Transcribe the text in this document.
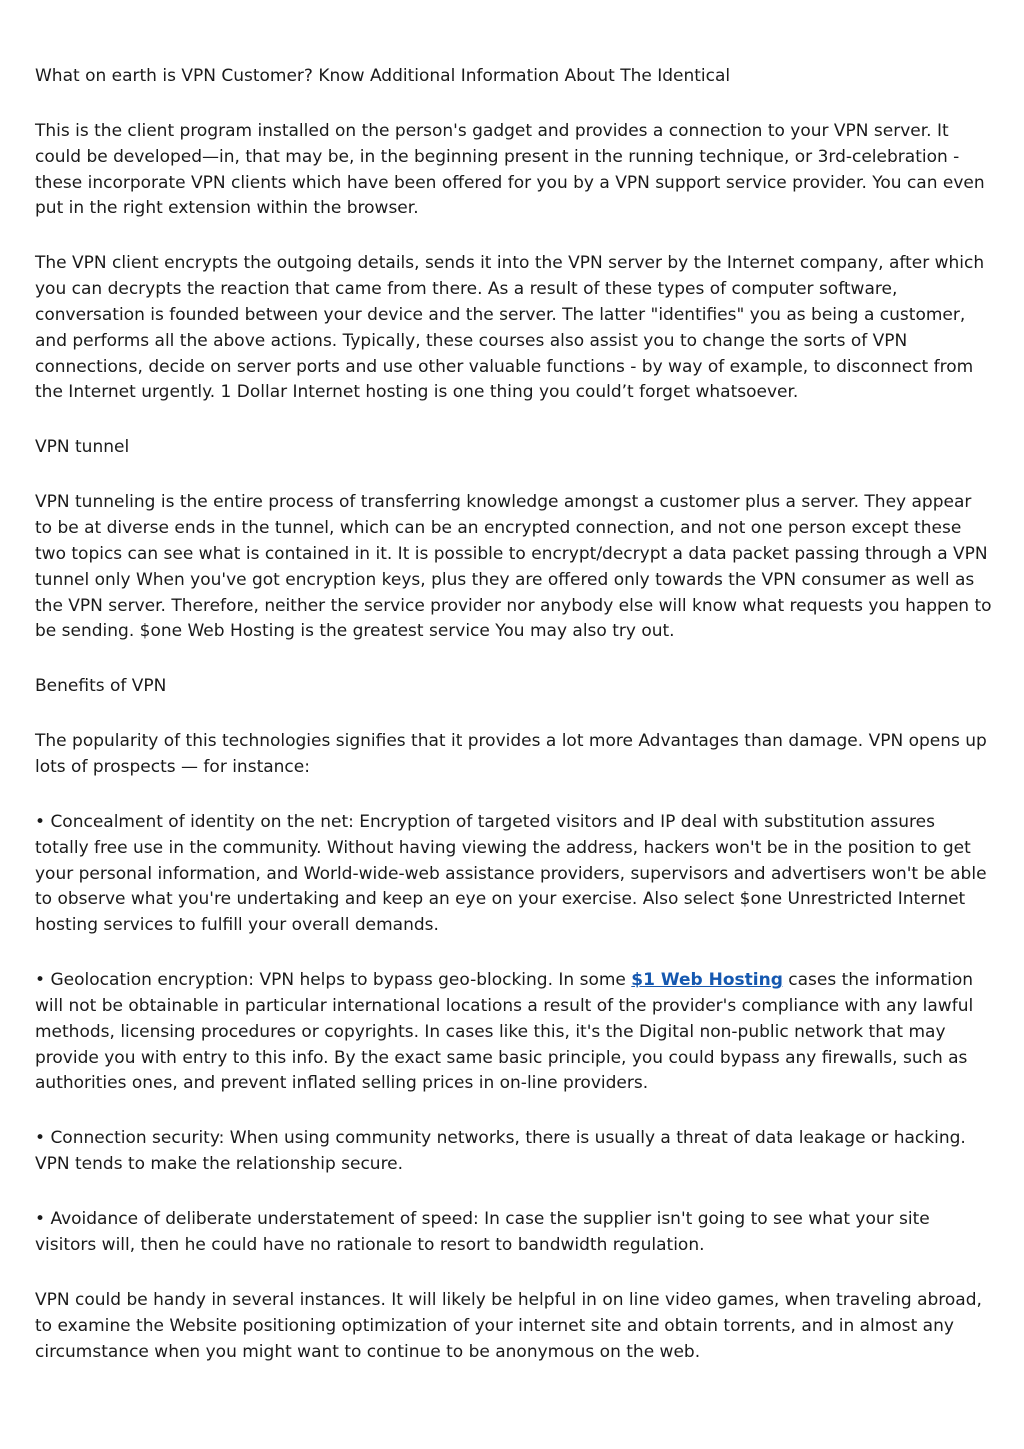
What on earth is VPN Customer? Know Additional Information About The Identical

This is the client program installed on the person's gadget and provides a connection to your VPN server. It could be developed—in, that may be, in the beginning present in the running technique, or 3rd-celebration - these incorporate VPN clients which have been offered for you by a VPN support service provider. You can even put in the right extension within the browser.

The VPN client encrypts the outgoing details, sends it into the VPN server by the Internet company, after which you can decrypts the reaction that came from there. As a result of these types of computer software, conversation is founded between your device and the server. The latter "identifies" you as being a customer, and performs all the above actions. Typically, these courses also assist you to change the sorts of VPN connections, decide on server ports and use other valuable functions - by way of example, to disconnect from the Internet urgently. 1 Dollar Internet hosting is one thing you could’t forget whatsoever.

VPN tunnel

VPN tunneling is the entire process of transferring knowledge amongst a customer plus a server. They appear to be at diverse ends in the tunnel, which can be an encrypted connection, and not one person except these two topics can see what is contained in it. It is possible to encrypt/decrypt a data packet passing through a VPN tunnel only When you've got encryption keys, plus they are offered only towards the VPN consumer as well as the VPN server. Therefore, neither the service provider nor anybody else will know what requests you happen to be sending. $one Web Hosting is the greatest service You may also try out.

Benefits of VPN

The popularity of this technologies signifies that it provides a lot more Advantages than damage. VPN opens up lots of prospects — for instance:

• Concealment of identity on the net: Encryption of targeted visitors and IP deal with substitution assures totally free use in the community. Without having viewing the address, hackers won't be in the position to get your personal information, and World-wide-web assistance providers, supervisors and advertisers won't be able to observe what you're undertaking and keep an eye on your exercise. Also select $one Unrestricted Internet hosting services to fulfill your overall demands.

• Geolocation encryption: VPN helps to bypass geo-blocking. In some $1 Web Hosting cases the information will not be obtainable in particular international locations a result of the provider's compliance with any lawful methods, licensing procedures or copyrights. In cases like this, it's the Digital non-public network that may provide you with entry to this info. By the exact same basic principle, you could bypass any firewalls, such as authorities ones, and prevent inflated selling prices in on-line providers.

• Connection security: When using community networks, there is usually a threat of data leakage or hacking. VPN tends to make the relationship secure.

• Avoidance of deliberate understatement of speed: In case the supplier isn't going to see what your site visitors will, then he could have no rationale to resort to bandwidth regulation.

VPN could be handy in several instances. It will likely be helpful in on line video games, when traveling abroad, to examine the Website positioning optimization of your internet site and obtain torrents, and in almost any circumstance when you might want to continue to be anonymous on the web.
